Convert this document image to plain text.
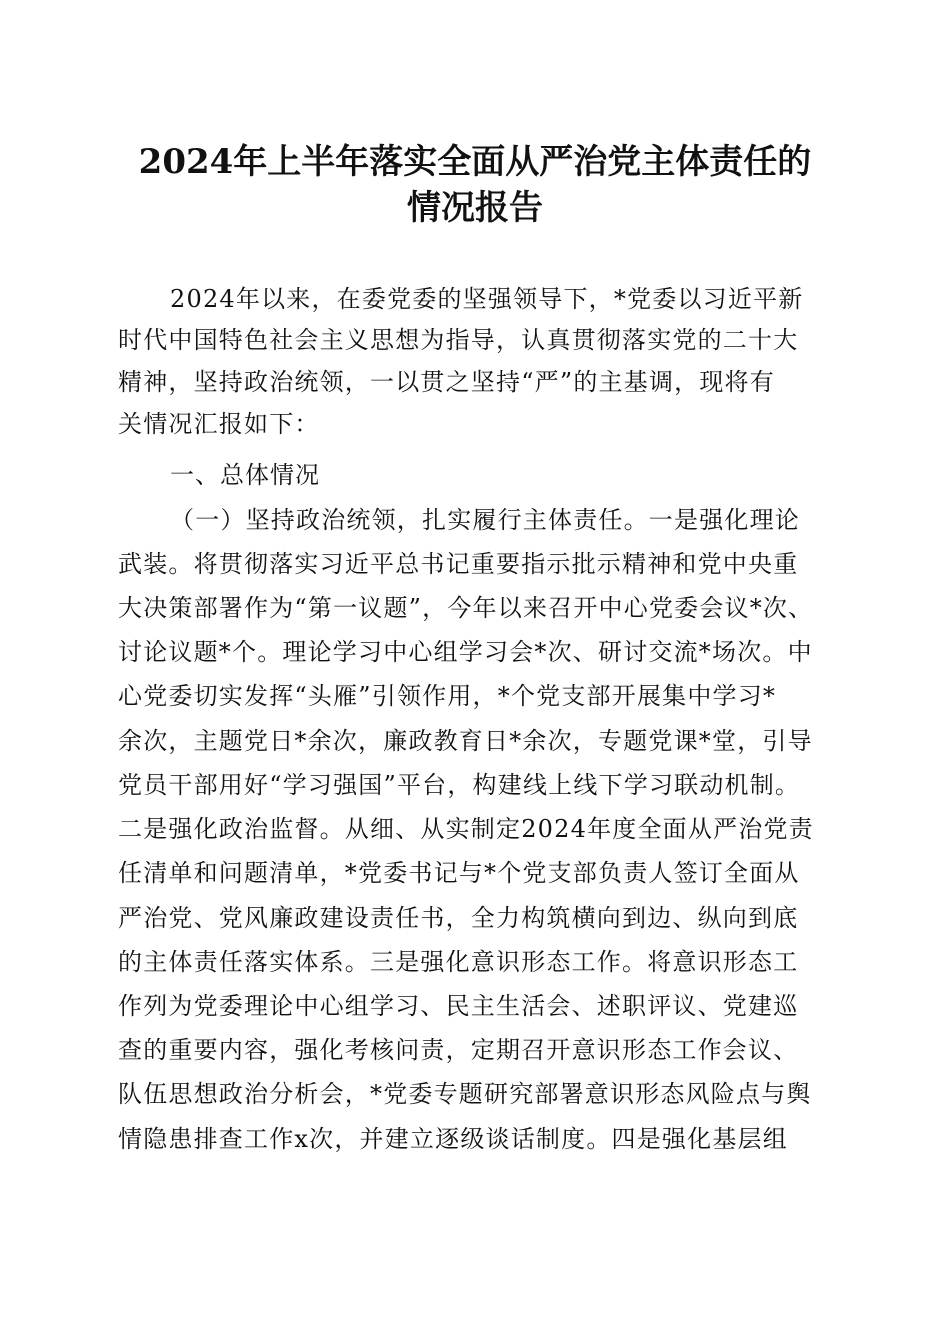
2024年上半年落实全面从严治党主体责任的
情况报告
2024年以来，在委党委的坚强领导下，*党委以习近平新
时代中国特色社会主义思想为指导，认真贯彻落实党的二十大
精神，坚持政治统领，一以贯之坚持“严”的主基调，现将有
关情况汇报如下：
一、总体情况
（一）坚持政治统领，扎实履行主体责任。一是强化理论
武装。将贯彻落实习近平总书记重要指示批示精神和党中央重
大决策部署作为“第一议题”，今年以来召开中心党委会议*次、
讨论议题*个。理论学习中心组学习会*次、研讨交流*场次。中
心党委切实发挥“头雁”引领作用，*个党支部开展集中学习*
余次，主题党日*余次，廉政教育日*余次，专题党课*堂，引导
党员干部用好“学习强国”平台，构建线上线下学习联动机制。
二是强化政治监督。从细、从实制定2024年度全面从严治党责
任清单和问题清单，*党委书记与*个党支部负责人签订全面从
严治党、党风廉政建设责任书，全力构筑横向到边、纵向到底
的主体责任落实体系。三是强化意识形态工作。将意识形态工
作列为党委理论中心组学习、民主生活会、述职评议、党建巡
查的重要内容，强化考核问责，定期召开意识形态工作会议、
队伍思想政治分析会，*党委专题研究部署意识形态风险点与舆
情隐患排查工作x次，并建立逐级谈话制度。四是强化基层组
